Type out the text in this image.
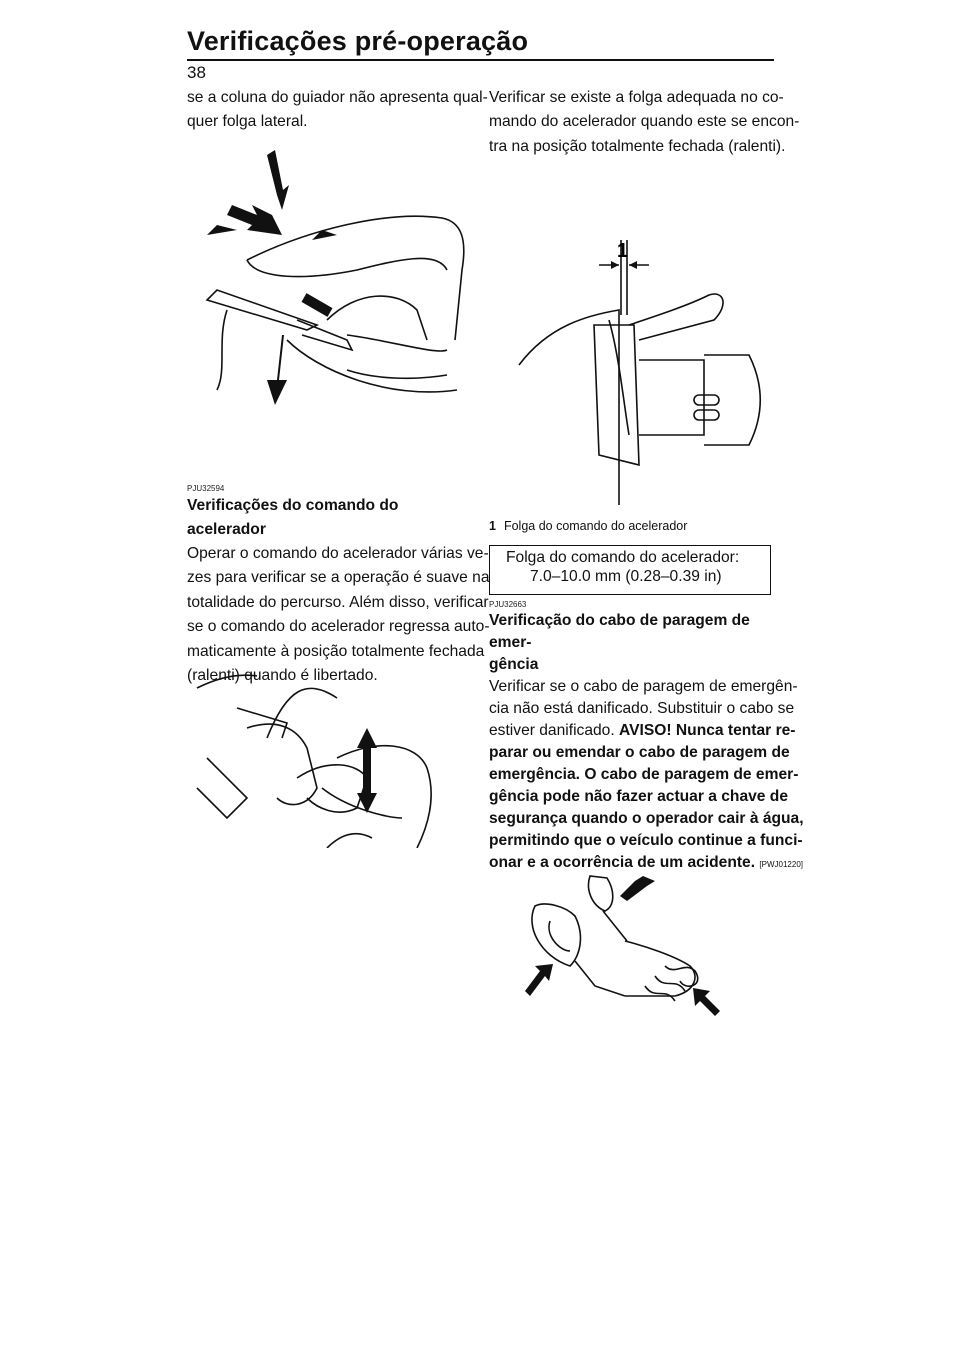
Verificações pré-operação
38
se a coluna do guiador não apresenta qual-
quer folga lateral.
PJU32594
Verificações do comando do acelerador
Operar o comando do acelerador várias ve-
zes para verificar se a operação é suave na
totalidade do percurso. Além disso, verificar
se o comando do acelerador regressa auto-
maticamente à posição totalmente fechada
(ralenti) quando é libertado.
Verificar se existe a folga adequada no co-
mando do acelerador quando este se encon-
tra na posição totalmente fechada (ralenti).
1
1 Folga do comando do acelerador
Folga do comando do acelerador:
7.0–10.0 mm (0.28–0.39 in)
PJU32663
Verificação do cabo de paragem de emer-
gência
Verificar se o cabo de paragem de emergên-
cia não está danificado. Substituir o cabo se
estiver danificado. AVISO! Nunca tentar re-
parar ou emendar o cabo de paragem de
emergência. O cabo de paragem de emer-
gência pode não fazer actuar a chave de
segurança quando o operador cair à água,
permitindo que o veículo continue a funci-
onar e a ocorrência de um acidente. [PWJ01220]
